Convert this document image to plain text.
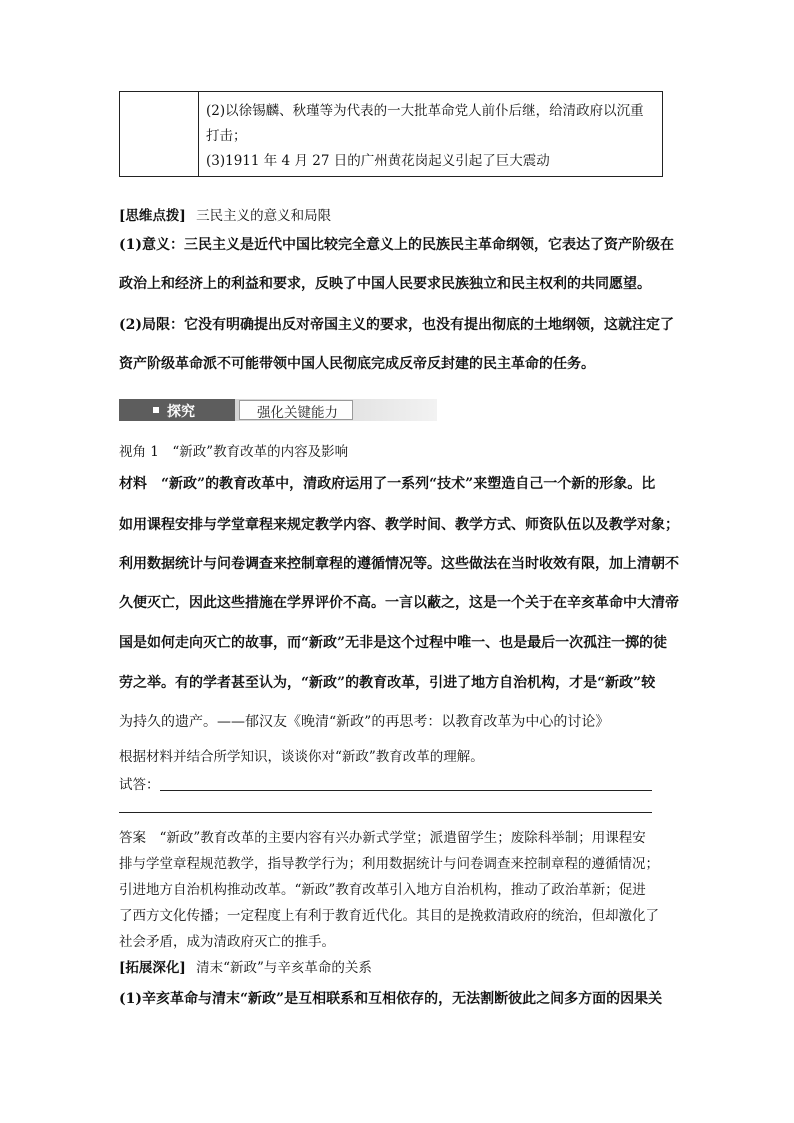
(2)以徐锡麟、秋瑾等为代表的一大批革命党人前仆后继，给清政府以沉重
打击；
(3)1911 年 4 月 27 日的广州黄花岗起义引起了巨大震动
[思维点拨] 三民主义的意义和局限
(1)意义：三民主义是近代中国比较完全意义上的民族民主革命纲领，它表达了资产阶级在
政治上和经济上的利益和要求，反映了中国人民要求民族独立和民主权利的共同愿望。
(2)局限：它没有明确提出反对帝国主义的要求，也没有提出彻底的土地纲领，这就注定了
资产阶级革命派不可能带领中国人民彻底完成反帝反封建的民主革命的任务。
探究	强化关键能力
视角 1　“新政”教育改革的内容及影响
材料　“新政”的教育改革中，清政府运用了一系列“技术”来塑造自己一个新的形象。比
如用课程安排与学堂章程来规定教学内容、教学时间、教学方式、师资队伍以及教学对象；
利用数据统计与问卷调查来控制章程的遵循情况等。这些做法在当时收效有限，加上清朝不
久便灭亡，因此这些措施在学界评价不高。一言以蔽之，这是一个关于在辛亥革命中大清帝
国是如何走向灭亡的故事，而“新政”无非是这个过程中唯一、也是最后一次孤注一掷的徒
劳之举。有的学者甚至认为，“新政”的教育改革，引进了地方自治机构，才是“新政”较
为持久的遗产。——郁汉友《晚清“新政”的再思考：以教育改革为中心的讨论》
根据材料并结合所学知识，谈谈你对“新政”教育改革的理解。
试答：
答案　“新政”教育改革的主要内容有兴办新式学堂；派遣留学生；废除科举制；用课程安
排与学堂章程规范教学，指导教学行为；利用数据统计与问卷调查来控制章程的遵循情况；
引进地方自治机构推动改革。“新政”教育改革引入地方自治机构，推动了政治革新；促进
了西方文化传播；一定程度上有利于教育近代化。其目的是挽救清政府的统治，但却激化了
社会矛盾，成为清政府灭亡的推手。
[拓展深化] 清末“新政”与辛亥革命的关系
(1)辛亥革命与清末“新政”是互相联系和互相依存的，无法割断彼此之间多方面的因果关
